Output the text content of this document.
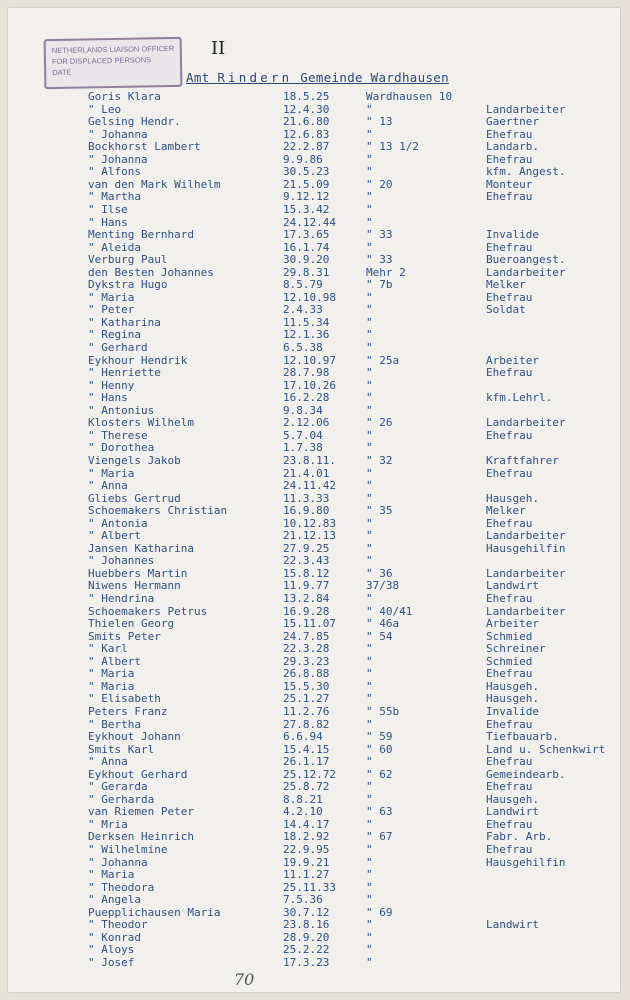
NETHERLANDS LIAISON OFFICER
FOR DISPLACED PERSONS
DATE
II
Amt Rindern Gemeinde Wardhausen
Goris Klara	18.5.25	Wardhausen 10
" Leo	12.4.30	"	Landarbeiter
Gelsing Hendr.	21.6.80	" 13	Gaertner
" Johanna	12.6.83	"	Ehefrau
Bockhorst Lambert	22.2.87	" 13 1/2	Landarb.
" Johanna	9.9.86	"	Ehefrau
" Alfons	30.5.23	"	kfm. Angest.
van den Mark Wilhelm	21.5.09	" 20	Monteur
" Martha	9.12.12	"	Ehefrau
" Ilse	15.3.42	"
" Hans	24.12.44	"
Menting Bernhard	17.3.65	" 33	Invalide
" Aleida	16.1.74	"	Ehefrau
Verburg Paul	30.9.20	" 33	Bueroangest.
den Besten Johannes	29.8.31	Mehr 2	Landarbeiter
Dykstra Hugo	8.5.79	" 7b	Melker
" Maria	12.10.98	"	Ehefrau
" Peter	2.4.33	"	Soldat
" Katharina	11.5.34	"
" Regina	12.1.36	"
" Gerhard	6.5.38	"
Eykhour Hendrik	12.10.97	" 25a	Arbeiter
" Henriette	28.7.98	"	Ehefrau
" Henny	17.10.26	"
" Hans	16.2.28	"	kfm.Lehrl.
" Antonius	9.8.34	"
Klosters Wilhelm	2.12.06	" 26	Landarbeiter
" Therese	5.7.04	"	Ehefrau
" Dorothea	1.7.38	"
Viengels Jakob	23.8.11.	" 32	Kraftfahrer
" Maria	21.4.01	"	Ehefrau
" Anna	24.11.42	"
Gliebs Gertrud	11.3.33	"	Hausgeh.
Schoemakers Christian	16.9.80	" 35	Melker
" Antonia	10.12.83	"	Ehefrau
" Albert	21.12.13	"	Landarbeiter
Jansen Katharina	27.9.25	"	Hausgehilfin
" Johannes	22.3.43	"
Huebbers Martin	15.8.12	" 36	Landarbeiter
Niwens Hermann	11.9.77	37/38	Landwirt
" Hendrina	13.2.84	"	Ehefrau
Schoemakers Petrus	16.9.28	" 40/41	Landarbeiter
Thielen Georg	15.11.07	" 46a	Arbeiter
Smits Peter	24.7.85	" 54	Schmied
" Karl	22.3.28	"	Schreiner
" Albert	29.3.23	"	Schmied
" Maria	26.8.88	"	Ehefrau
" Maria	15.5.30	"	Hausgeh.
" Elisabeth	25.1.27	"	Hausgeh.
Peters Franz	11.2.76	" 55b	Invalide
" Bertha	27.8.82	"	Ehefrau
Eykhout Johann	6.6.94	" 59	Tiefbauarb.
Smits Karl	15.4.15	" 60	Land u. Schenkwirt
" Anna	26.1.17	"	Ehefrau
Eykhout Gerhard	25.12.72	" 62	Gemeindearb.
" Gerarda	25.8.72	"	Ehefrau
" Gerharda	8.8.21	"	Hausgeh.
van Riemen Peter	4.2.10	" 63	Landwirt
" Mria	14.4.17	"	Ehefrau
Derksen Heinrich	18.2.92	" 67	Fabr. Arb.
" Wilhelmine	22.9.95	"	Ehefrau
" Johanna	19.9.21	"	Hausgehilfin
" Maria	11.1.27	"
" Theodora	25.11.33	"
" Angela	7.5.36	"
Puepplichausen Maria	30.7.12	" 69
" Theodor	23.8.16	"	Landwirt
" Konrad	28.9.20	"
" Aloys	25.2.22	"
" Josef	17.3.23	"
70
